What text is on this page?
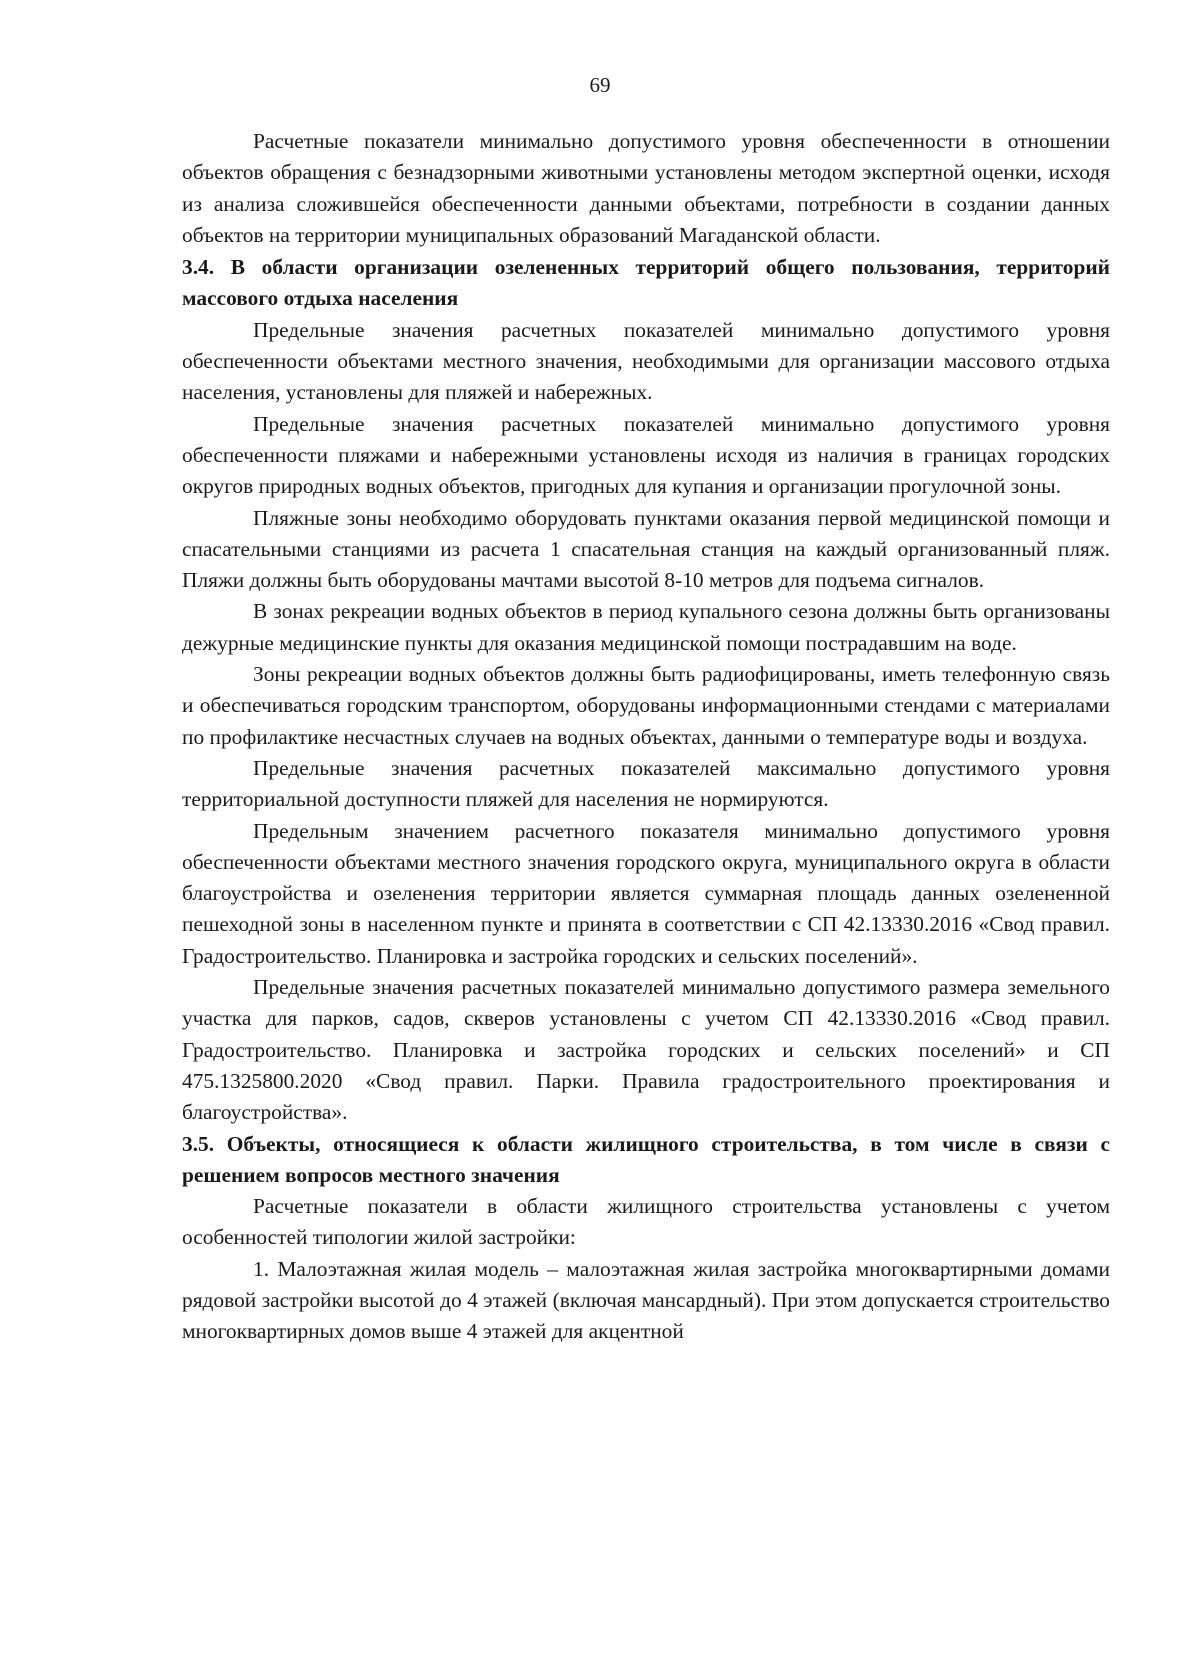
69

Расчетные показатели минимально допустимого уровня обеспеченности в отношении объектов обращения с безнадзорными животными установлены методом экспертной оценки, исходя из анализа сложившейся обеспеченности данными объектами, потребности в создании данных объектов на территории муниципальных образований Магаданской области.

3.4. В области организации озелененных территорий общего пользования, территорий массового отдыха населения

Предельные значения расчетных показателей минимально допустимого уровня обеспеченности объектами местного значения, необходимыми для организации массового отдыха населения, установлены для пляжей и набережных.

Предельные значения расчетных показателей минимально допустимого уровня обеспеченности пляжами и набережными установлены исходя из наличия в границах городских округов природных водных объектов, пригодных для купания и организации прогулочной зоны.

Пляжные зоны необходимо оборудовать пунктами оказания первой медицинской помощи и спасательными станциями из расчета 1 спасательная станция на каждый организованный пляж. Пляжи должны быть оборудованы мачтами высотой 8-10 метров для подъема сигналов.

В зонах рекреации водных объектов в период купального сезона должны быть организованы дежурные медицинские пункты для оказания медицинской помощи пострадавшим на воде.

Зоны рекреации водных объектов должны быть радиофицированы, иметь телефонную связь и обеспечиваться городским транспортом, оборудованы информационными стендами с материалами по профилактике несчастных случаев на водных объектах, данными о температуре воды и воздуха.

Предельные значения расчетных показателей максимально допустимого уровня территориальной доступности пляжей для населения не нормируются.

Предельным значением расчетного показателя минимально допустимого уровня обеспеченности объектами местного значения городского округа, муниципального округа в области благоустройства и озеленения территории является суммарная площадь данных озелененной пешеходной зоны в населенном пункте и принята в соответствии с СП 42.13330.2016 «Свод правил. Градостроительство. Планировка и застройка городских и сельских поселений».

Предельные значения расчетных показателей минимально допустимого размера земельного участка для парков, садов, скверов установлены с учетом СП 42.13330.2016 «Свод правил. Градостроительство. Планировка и застройка городских и сельских поселений» и СП 475.1325800.2020 «Свод правил. Парки. Правила градостроительного проектирования и благоустройства».

3.5. Объекты, относящиеся к области жилищного строительства, в том числе в связи с решением вопросов местного значения

Расчетные показатели в области жилищного строительства установлены с учетом особенностей типологии жилой застройки:

1. Малоэтажная жилая модель – малоэтажная жилая застройка многоквартирными домами рядовой застройки высотой до 4 этажей (включая мансардный). При этом допускается строительство многоквартирных домов выше 4 этажей для акцентной
